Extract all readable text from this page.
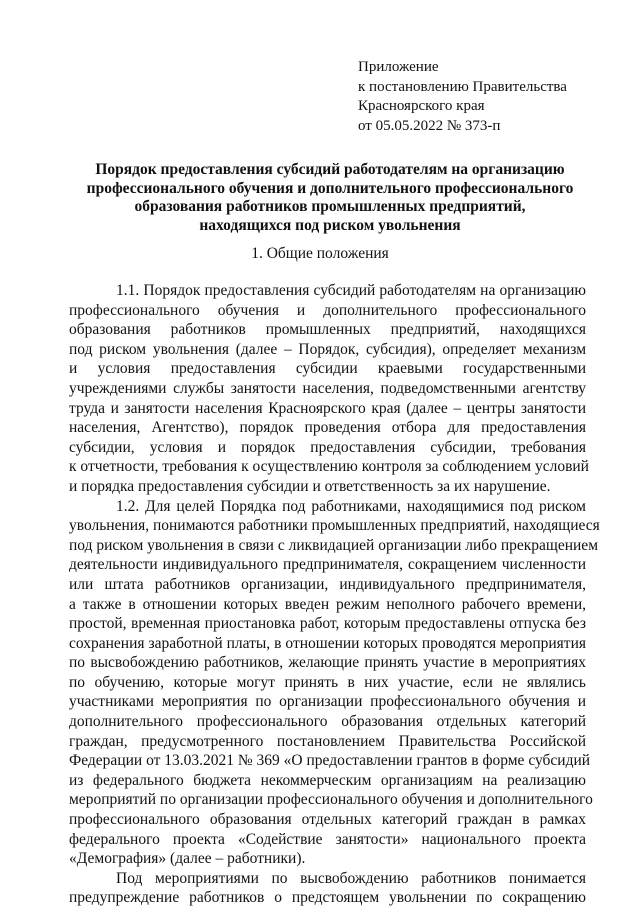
Приложение
к постановлению Правительства
Красноярского края
от 05.05.2022 № 373-п
Порядок предоставления субсидий работодателям на организацию
профессионального обучения и дополнительного профессионального
образования работников промышленных предприятий,
находящихся под риском увольнения
1. Общие положения
1.1. Порядок предоставления субсидий работодателям на организацию
профессионального обучения и дополнительного профессионального
образования работников промышленных предприятий, находящихся
под риском увольнения (далее – Порядок, субсидия), определяет механизм
и условия предоставления субсидии краевыми государственными
учреждениями службы занятости населения, подведомственными агентству
труда и занятости населения Красноярского края (далее – центры занятости
населения, Агентство), порядок проведения отбора для предоставления
субсидии, условия и порядок предоставления субсидии, требования
к отчетности, требования к осуществлению контроля за соблюдением условий
и порядка предоставления субсидии и ответственность за их нарушение.
1.2. Для целей Порядка под работниками, находящимися под риском
увольнения, понимаются работники промышленных предприятий, находящиеся
под риском увольнения в связи с ликвидацией организации либо прекращением
деятельности индивидуального предпринимателя, сокращением численности
или штата работников организации, индивидуального предпринимателя,
а также в отношении которых введен режим неполного рабочего времени,
простой, временная приостановка работ, которым предоставлены отпуска без
сохранения заработной платы, в отношении которых проводятся мероприятия
по высвобождению работников, желающие принять участие в мероприятиях
по обучению, которые могут принять в них участие, если не являлись
участниками мероприятия по организации профессионального обучения и
дополнительного профессионального образования отдельных категорий
граждан, предусмотренного постановлением Правительства Российской
Федерации от 13.03.2021 № 369 «О предоставлении грантов в форме субсидий
из федерального бюджета некоммерческим организациям на реализацию
мероприятий по организации профессионального обучения и дополнительного
профессионального образования отдельных категорий граждан в рамках
федерального проекта «Содействие занятости» национального проекта
«Демография» (далее – работники).
Под мероприятиями по высвобождению работников понимается
предупреждение работников о предстоящем увольнении по сокращению
